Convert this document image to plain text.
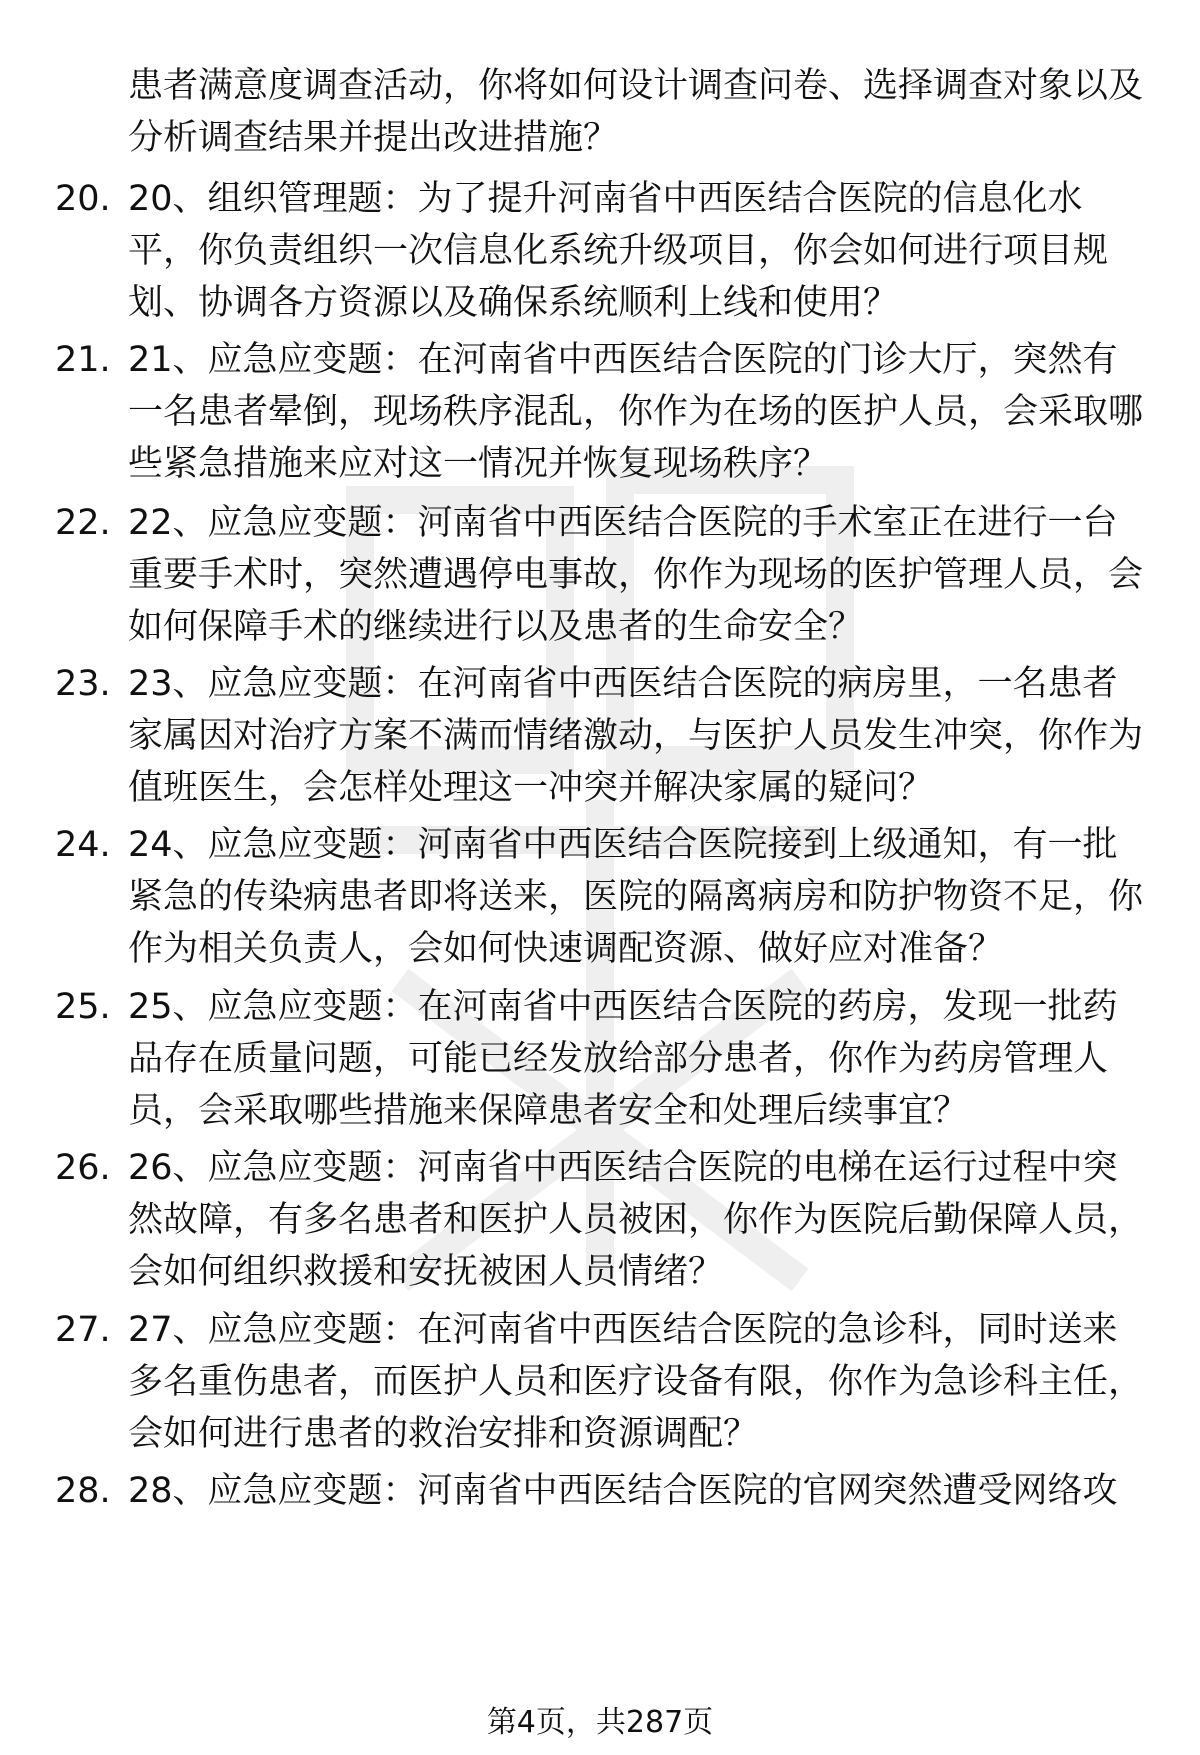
患者满意度调查活动，你将如何设计调查问卷、选择调查对象以及分析调查结果并提出改进措施？
20. 20、组织管理题：为了提升河南省中西医结合医院的信息化水平，你负责组织一次信息化系统升级项目，你会如何进行项目规划、协调各方资源以及确保系统顺利上线和使用？
21. 21、应急应变题：在河南省中西医结合医院的门诊大厅，突然有一名患者晕倒，现场秩序混乱，你作为在场的医护人员，会采取哪些紧急措施来应对这一情况并恢复现场秩序？
22. 22、应急应变题：河南省中西医结合医院的手术室正在进行一台重要手术时，突然遭遇停电事故，你作为现场的医护管理人员，会如何保障手术的继续进行以及患者的生命安全？
23. 23、应急应变题：在河南省中西医结合医院的病房里，一名患者家属因对治疗方案不满而情绪激动，与医护人员发生冲突，你作为值班医生，会怎样处理这一冲突并解决家属的疑问？
24. 24、应急应变题：河南省中西医结合医院接到上级通知，有一批紧急的传染病患者即将送来，医院的隔离病房和防护物资不足，你作为相关负责人，会如何快速调配资源、做好应对准备？
25. 25、应急应变题：在河南省中西医结合医院的药房，发现一批药品存在质量问题，可能已经发放给部分患者，你作为药房管理人员，会采取哪些措施来保障患者安全和处理后续事宜？
26. 26、应急应变题：河南省中西医结合医院的电梯在运行过程中突然故障，有多名患者和医护人员被困，你作为医院后勤保障人员，会如何组织救援和安抚被困人员情绪？
27. 27、应急应变题：在河南省中西医结合医院的急诊科，同时送来多名重伤患者，而医护人员和医疗设备有限，你作为急诊科主任，会如何进行患者的救治安排和资源调配？
28. 28、应急应变题：河南省中西医结合医院的官网突然遭受网络攻
第4页，共287页
